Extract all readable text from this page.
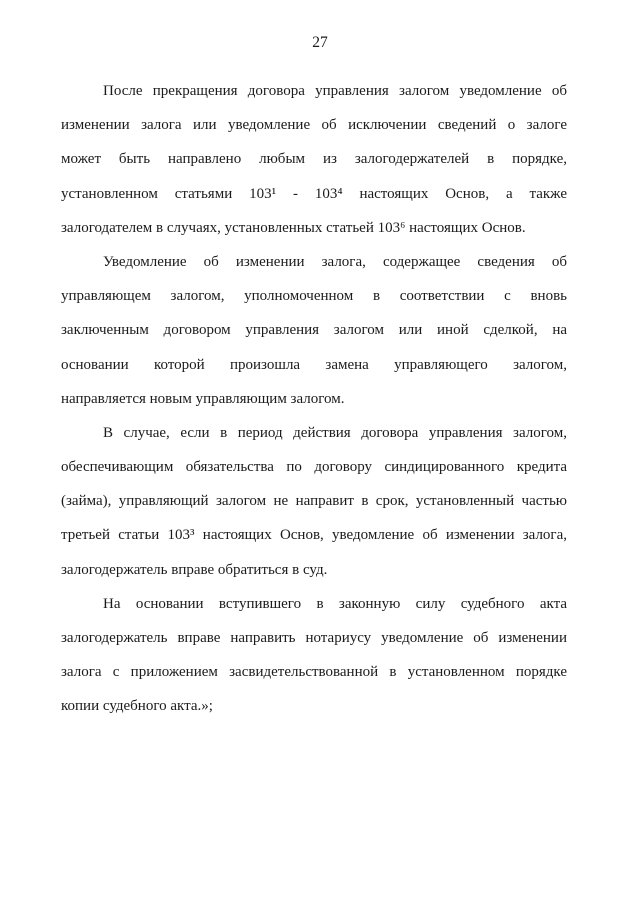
27
После прекращения договора управления залогом уведомление об
изменении залога или уведомление об исключении сведений о залоге
может быть направлено любым из залогодержателей в порядке,
установленном статьями 103¹ - 103⁴ настоящих Основ, а также
залогодателем в случаях, установленных статьей 103⁶ настоящих Основ.
Уведомление об изменении залога, содержащее сведения об
управляющем залогом, уполномоченном в соответствии с вновь
заключенным договором управления залогом или иной сделкой, на
основании которой произошла замена управляющего залогом,
направляется новым управляющим залогом.
В случае, если в период действия договора управления залогом,
обеспечивающим обязательства по договору синдицированного кредита
(займа), управляющий залогом не направит в срок, установленный частью
третьей статьи 103³ настоящих Основ, уведомление об изменении залога,
залогодержатель вправе обратиться в суд.
На основании вступившего в законную силу судебного акта
залогодержатель вправе направить нотариусу уведомление об изменении
залога с приложением засвидетельствованной в установленном порядке
копии судебного акта.»;
